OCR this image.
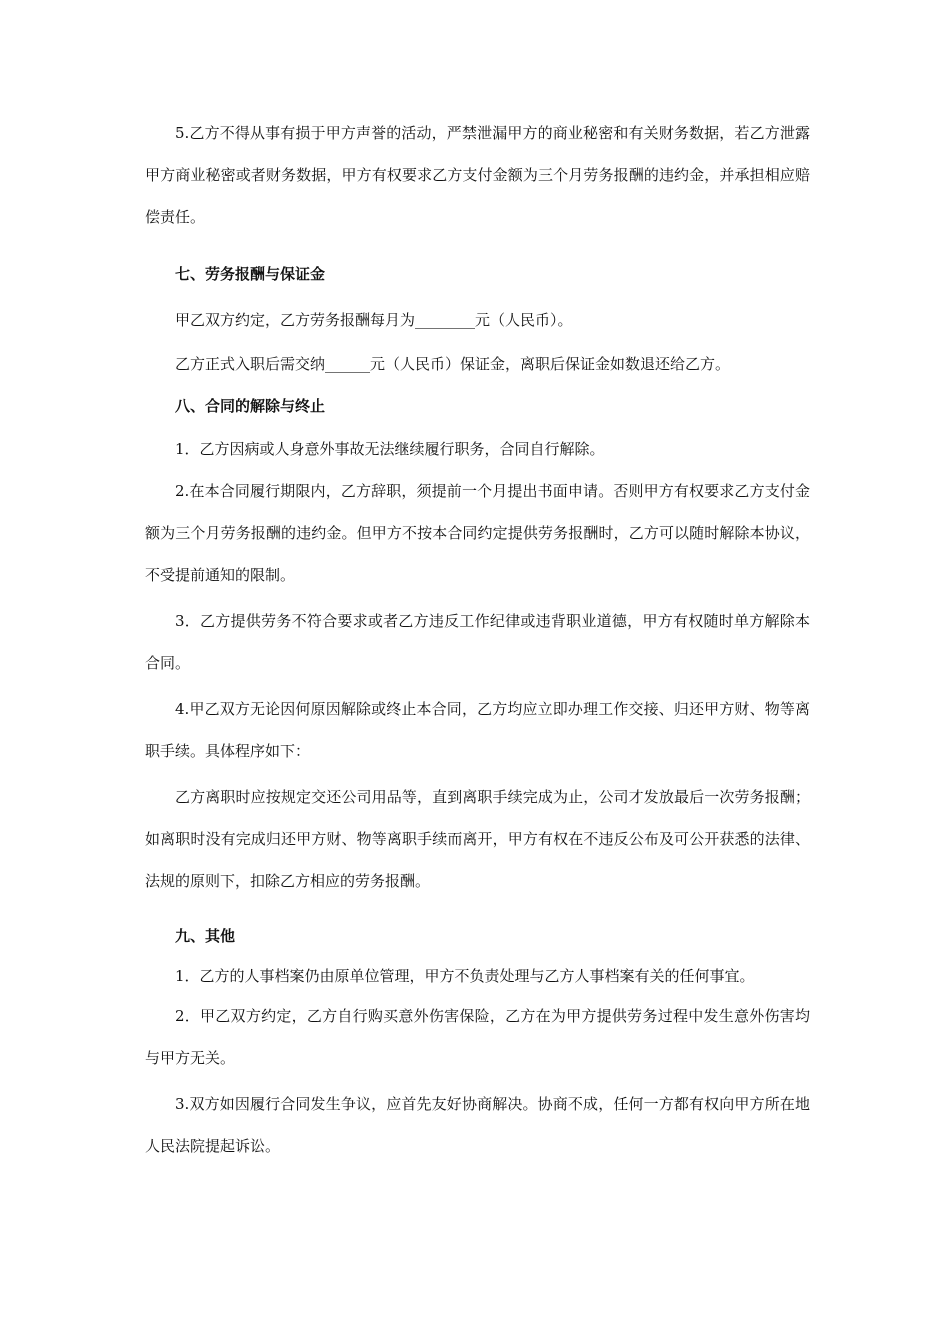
5.乙方不得从事有损于甲方声誉的活动，严禁泄漏甲方的商业秘密和有关财务数据，若乙方泄露甲方商业秘密或者财务数据，甲方有权要求乙方支付金额为三个月劳务报酬的违约金，并承担相应赔偿责任。

七、劳务报酬与保证金

甲乙双方约定，乙方劳务报酬每月为________元（人民币）。

乙方正式入职后需交纳______元（人民币）保证金，离职后保证金如数退还给乙方。

八、合同的解除与终止

1．乙方因病或人身意外事故无法继续履行职务，合同自行解除。

2.在本合同履行期限内，乙方辞职，须提前一个月提出书面申请。否则甲方有权要求乙方支付金额为三个月劳务报酬的违约金。但甲方不按本合同约定提供劳务报酬时，乙方可以随时解除本协议，不受提前通知的限制。

3．乙方提供劳务不符合要求或者乙方违反工作纪律或违背职业道德，甲方有权随时单方解除本合同。

4.甲乙双方无论因何原因解除或终止本合同，乙方均应立即办理工作交接、归还甲方财、物等离职手续。具体程序如下：

乙方离职时应按规定交还公司用品等，直到离职手续完成为止，公司才发放最后一次劳务报酬；如离职时没有完成归还甲方财、物等离职手续而离开，甲方有权在不违反公布及可公开获悉的法律、法规的原则下，扣除乙方相应的劳务报酬。

九、其他

1．乙方的人事档案仍由原单位管理，甲方不负责处理与乙方人事档案有关的任何事宜。

2．甲乙双方约定，乙方自行购买意外伤害保险，乙方在为甲方提供劳务过程中发生意外伤害均与甲方无关。

3.双方如因履行合同发生争议，应首先友好协商解决。协商不成，任何一方都有权向甲方所在地人民法院提起诉讼。
